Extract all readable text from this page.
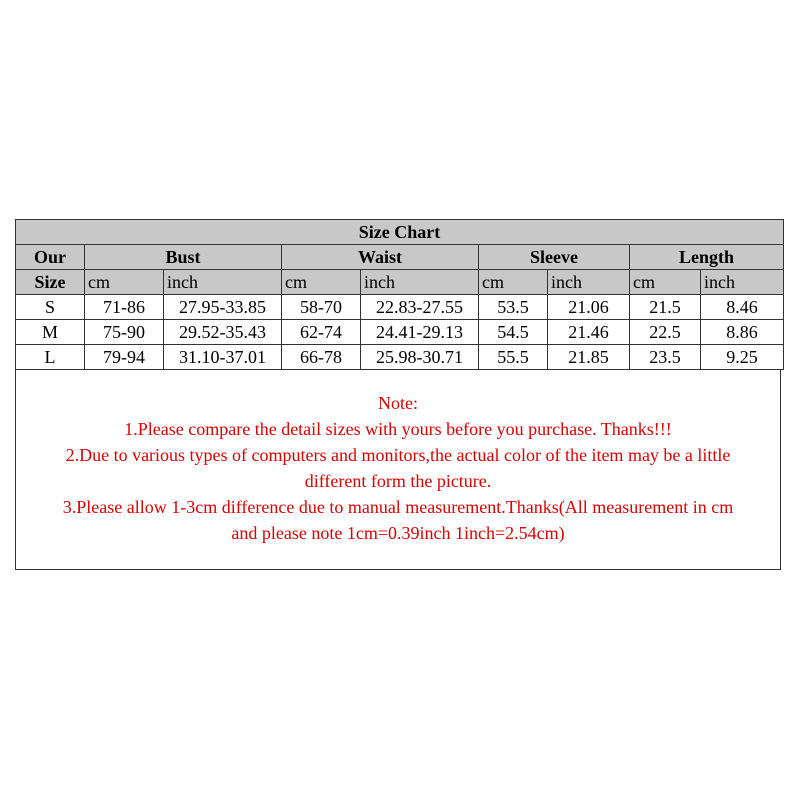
Size Chart								
Our	Bust		Waist		Sleeve		Length	
Size	cm	inch	cm	inch	cm	inch	cm	inch
S	71-86	27.95-33.85	58-70	22.83-27.55	53.5	21.06	21.5	8.46
M	75-90	29.52-35.43	62-74	24.41-29.13	54.5	21.46	22.5	8.86
L	79-94	31.10-37.01	66-78	25.98-30.71	55.5	21.85	23.5	9.25

Note:

1.Please compare the detail sizes with yours before you purchase. Thanks!!!

2.Due to various types of computers and monitors,the actual color of the item may be a little

different form the picture.

3.Please allow 1-3cm difference due to manual measurement.Thanks(All measurement in cm

and please note 1cm=0.39inch 1inch=2.54cm)
